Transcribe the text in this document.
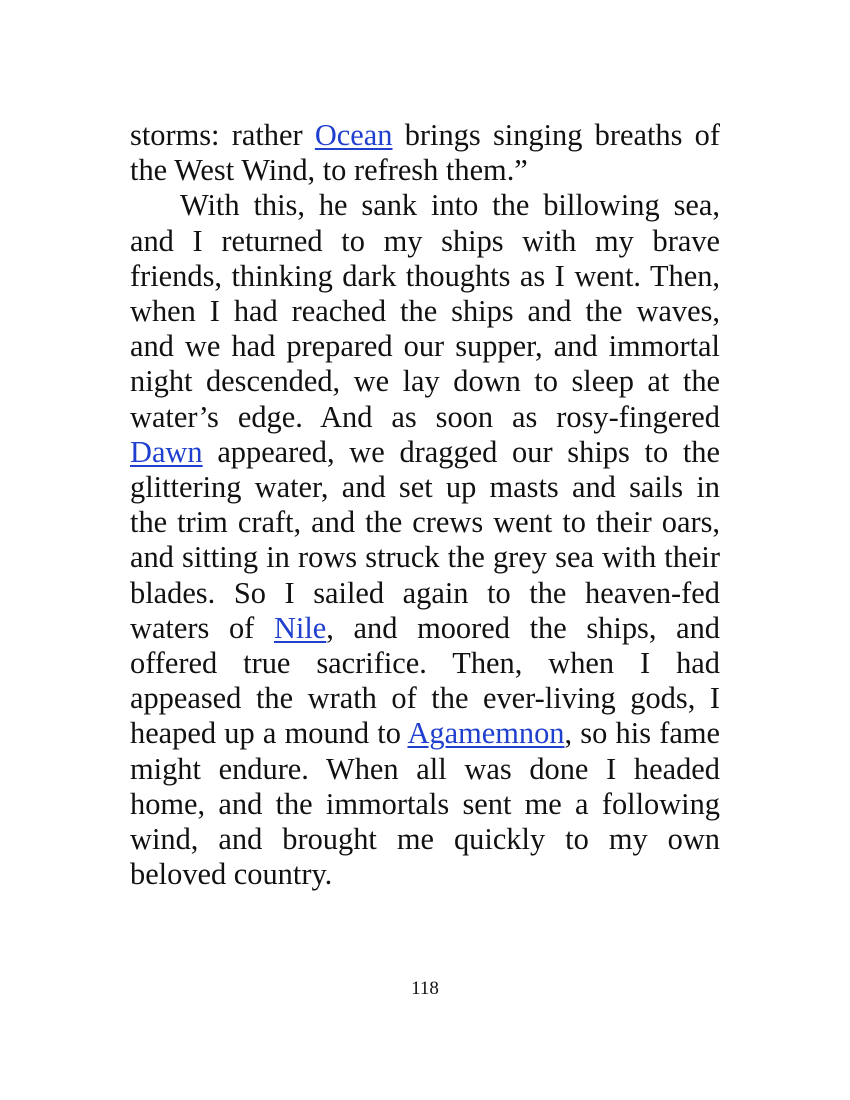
storms: rather Ocean brings singing breaths of
the West Wind, to refresh them.”

With this, he sank into the billowing sea,
and I returned to my ships with my brave
friends, thinking dark thoughts as I went. Then,
when I had reached the ships and the waves,
and we had prepared our supper, and immortal
night descended, we lay down to sleep at the
water’s edge. And as soon as rosy-fingered
Dawn appeared, we dragged our ships to the
glittering water, and set up masts and sails in
the trim craft, and the crews went to their oars,
and sitting in rows struck the grey sea with their
blades. So I sailed again to the heaven-fed
waters of Nile, and moored the ships, and
offered true sacrifice. Then, when I had
appeased the wrath of the ever-living gods, I
heaped up a mound to Agamemnon, so his fame
might endure. When all was done I headed
home, and the immortals sent me a following
wind, and brought me quickly to my own
beloved country.

118
